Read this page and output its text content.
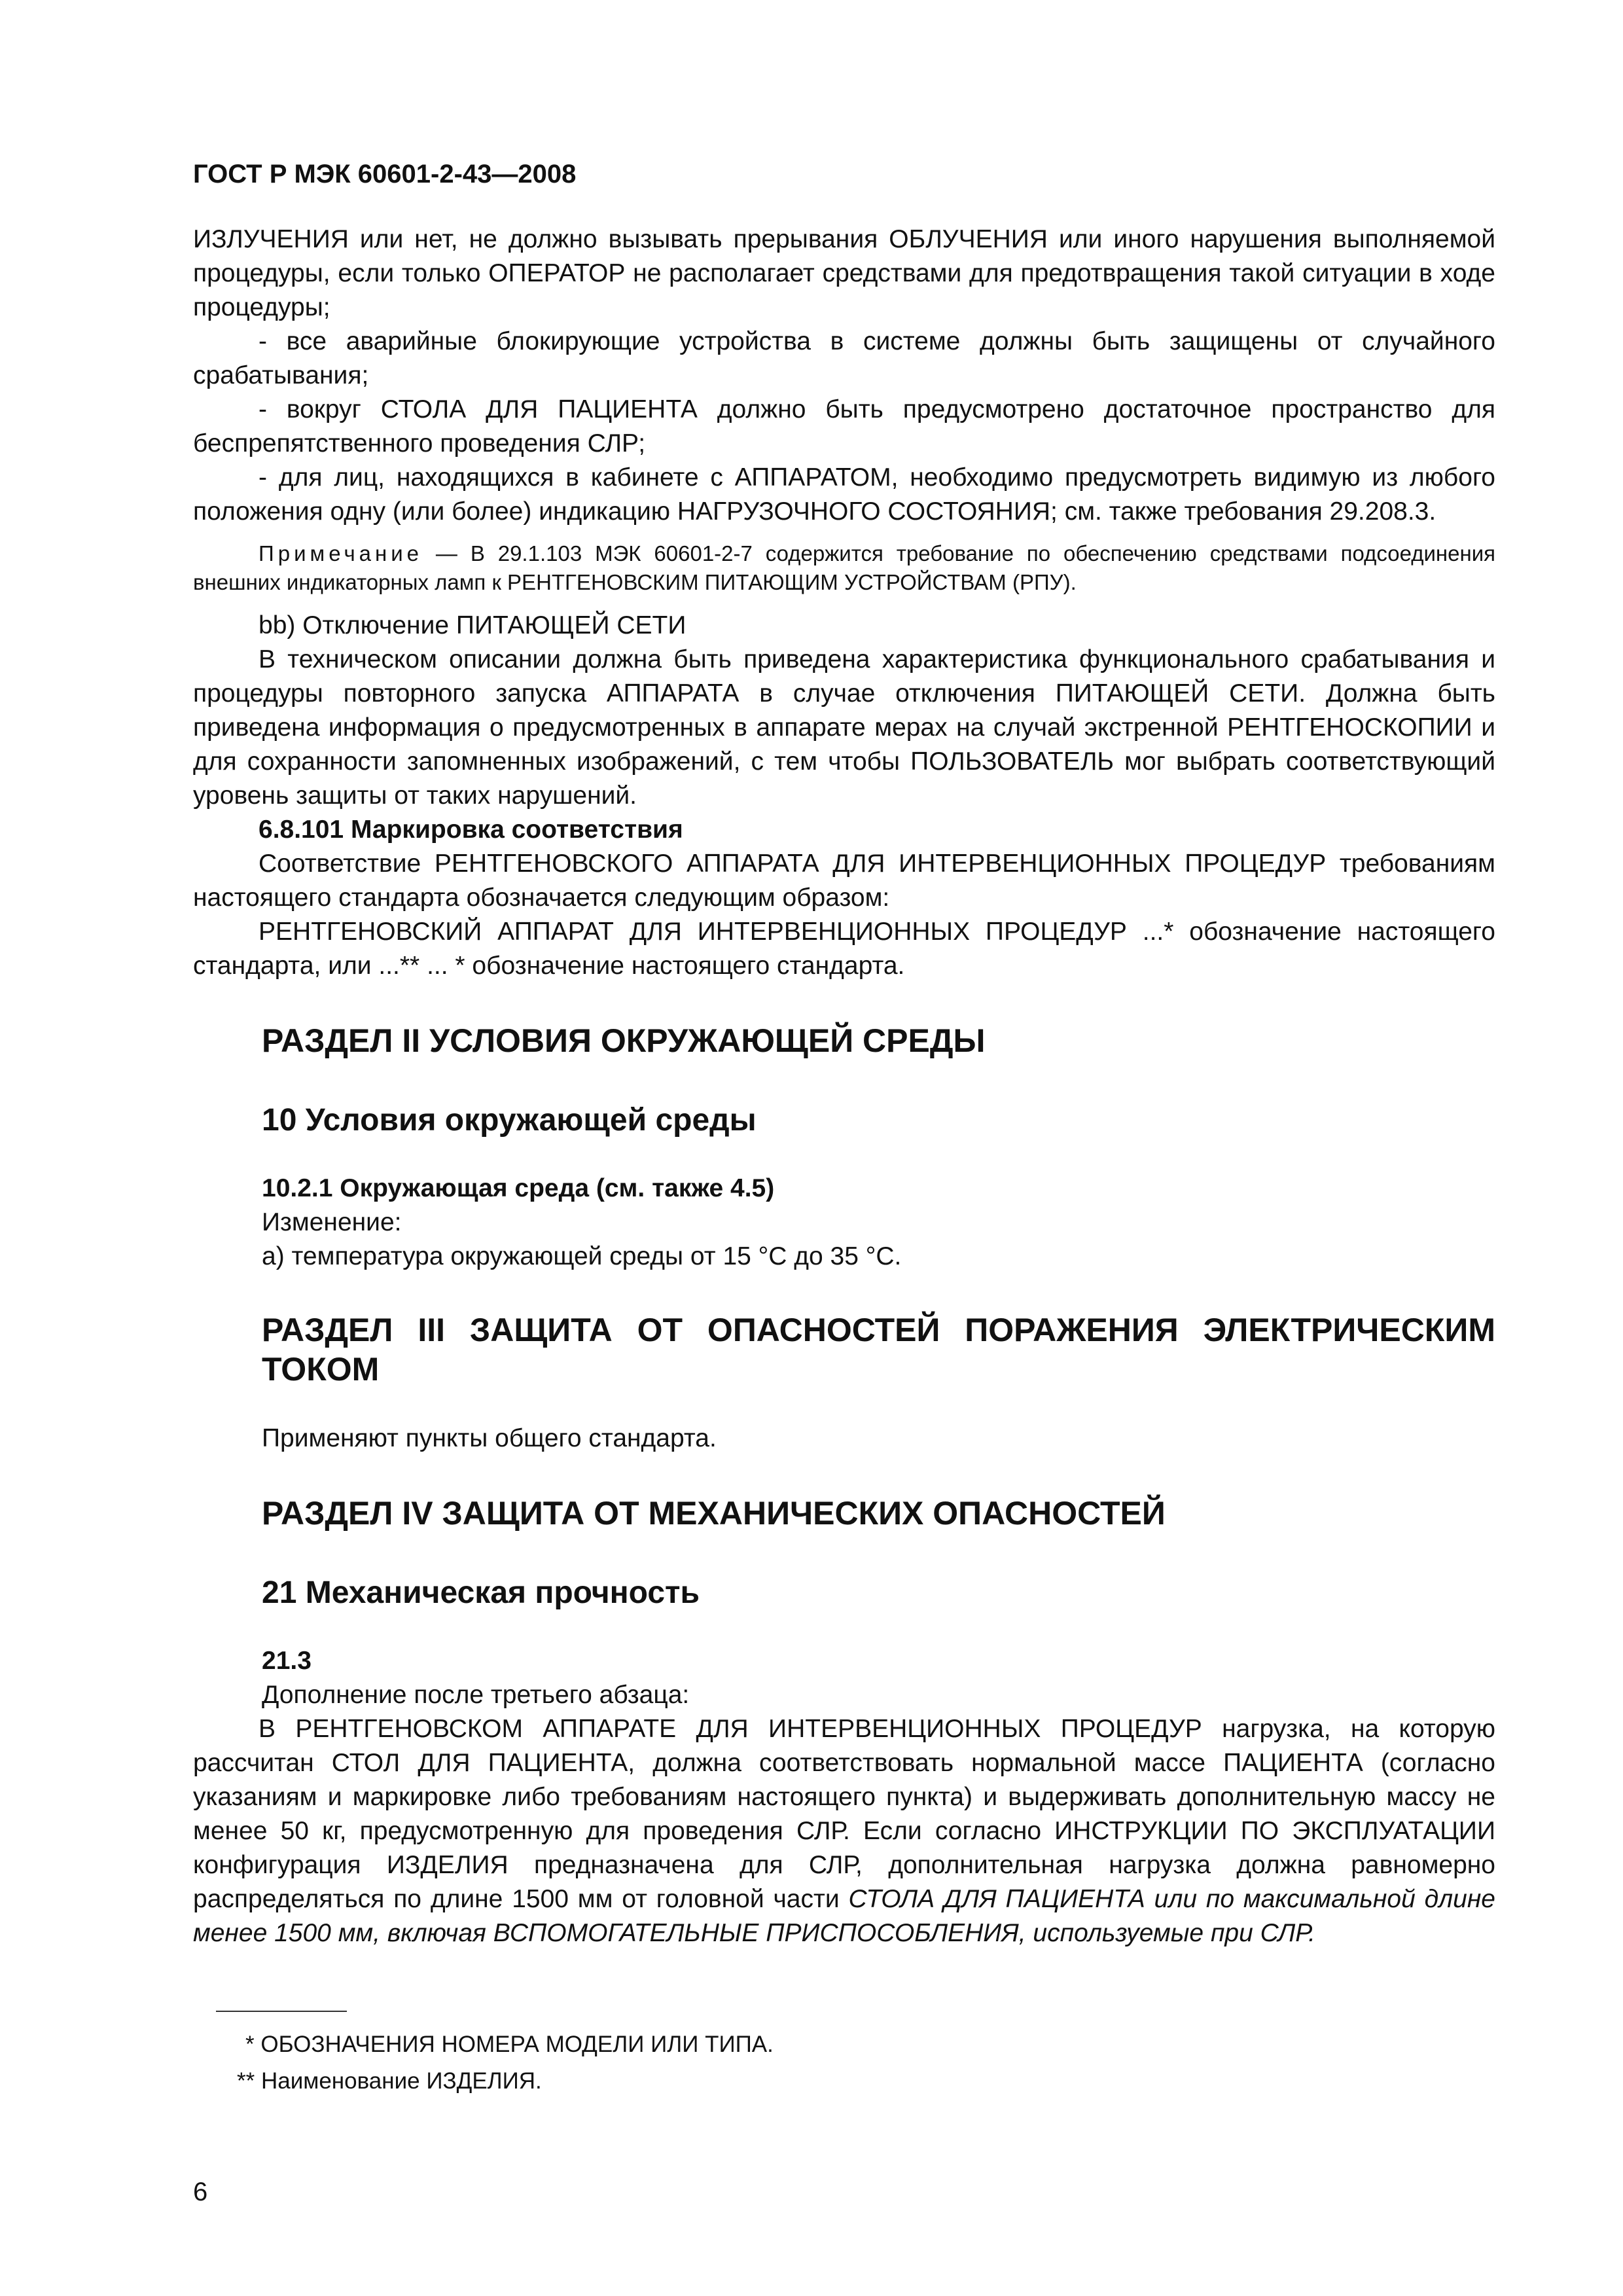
ГОСТ Р МЭК 60601-2-43—2008

ИЗЛУЧЕНИЯ или нет, не должно вызывать прерывания ОБЛУЧЕНИЯ или иного нарушения выполняемой процедуры, если только ОПЕРАТОР не располагает средствами для предотвращения такой ситуации в ходе процедуры;

- все аварийные блокирующие устройства в системе должны быть защищены от случайного срабатывания;

- вокруг СТОЛА ДЛЯ ПАЦИЕНТА должно быть предусмотрено достаточное пространство для беспрепятственного проведения СЛР;

- для лиц, находящихся в кабинете с АППАРАТОМ, необходимо предусмотреть видимую из любого положения одну (или более) индикацию НАГРУЗОЧНОГО СОСТОЯНИЯ; см. также требования 29.208.3.

Примечание — В 29.1.103 МЭК 60601-2-7 содержится требование по обеспечению средствами подсоединения внешних индикаторных ламп к РЕНТГЕНОВСКИМ ПИТАЮЩИМ УСТРОЙСТВАМ (РПУ).

bb) Отключение ПИТАЮЩЕЙ СЕТИ

В техническом описании должна быть приведена характеристика функционального срабатывания и процедуры повторного запуска АППАРАТА в случае отключения ПИТАЮЩЕЙ СЕТИ. Должна быть приведена информация о предусмотренных в аппарате мерах на случай экстренной РЕНТГЕНОСКОПИИ и для сохранности запомненных изображений, с тем чтобы ПОЛЬЗОВАТЕЛЬ мог выбрать соответствующий уровень защиты от таких нарушений.

6.8.101 Маркировка соответствия

Соответствие РЕНТГЕНОВСКОГО АППАРАТА ДЛЯ ИНТЕРВЕНЦИОННЫХ ПРОЦЕДУР требованиям настоящего стандарта обозначается следующим образом:

РЕНТГЕНОВСКИЙ АППАРАТ ДЛЯ ИНТЕРВЕНЦИОННЫХ ПРОЦЕДУР ...* обозначение настоящего стандарта, или ...** ... * обозначение настоящего стандарта.

РАЗДЕЛ II УСЛОВИЯ ОКРУЖАЮЩЕЙ СРЕДЫ

10 Условия окружающей среды

10.2.1 Окружающая среда (см. также 4.5)

Изменение:

а) температура окружающей среды от 15 °С до 35 °С.

РАЗДЕЛ III ЗАЩИТА ОТ ОПАСНОСТЕЙ ПОРАЖЕНИЯ ЭЛЕКТРИЧЕСКИМ ТОКОМ

Применяют пункты общего стандарта.

РАЗДЕЛ IV ЗАЩИТА ОТ МЕХАНИЧЕСКИХ ОПАСНОСТЕЙ

21 Механическая прочность

21.3

Дополнение после третьего абзаца:

В РЕНТГЕНОВСКОМ АППАРАТЕ ДЛЯ ИНТЕРВЕНЦИОННЫХ ПРОЦЕДУР нагрузка, на которую рассчитан СТОЛ ДЛЯ ПАЦИЕНТА, должна соответствовать нормальной массе ПАЦИЕНТА (согласно указаниям и маркировке либо требованиям настоящего пункта) и выдерживать дополнительную массу не менее 50 кг, предусмотренную для проведения СЛР. Если согласно ИНСТРУКЦИИ ПО ЭКСПЛУАТАЦИИ конфигурация ИЗДЕЛИЯ предназначена для СЛР, дополнительная нагрузка должна равномерно распределяться по длине 1500 мм от головной части СТОЛА ДЛЯ ПАЦИЕНТА или по максимальной длине менее 1500 мм, включая ВСПОМОГАТЕЛЬНЫЕ ПРИСПОСОБЛЕНИЯ, используемые при СЛР.

* ОБОЗНАЧЕНИЯ НОМЕРА МОДЕЛИ ИЛИ ТИПА.
** Наименование ИЗДЕЛИЯ.
6
